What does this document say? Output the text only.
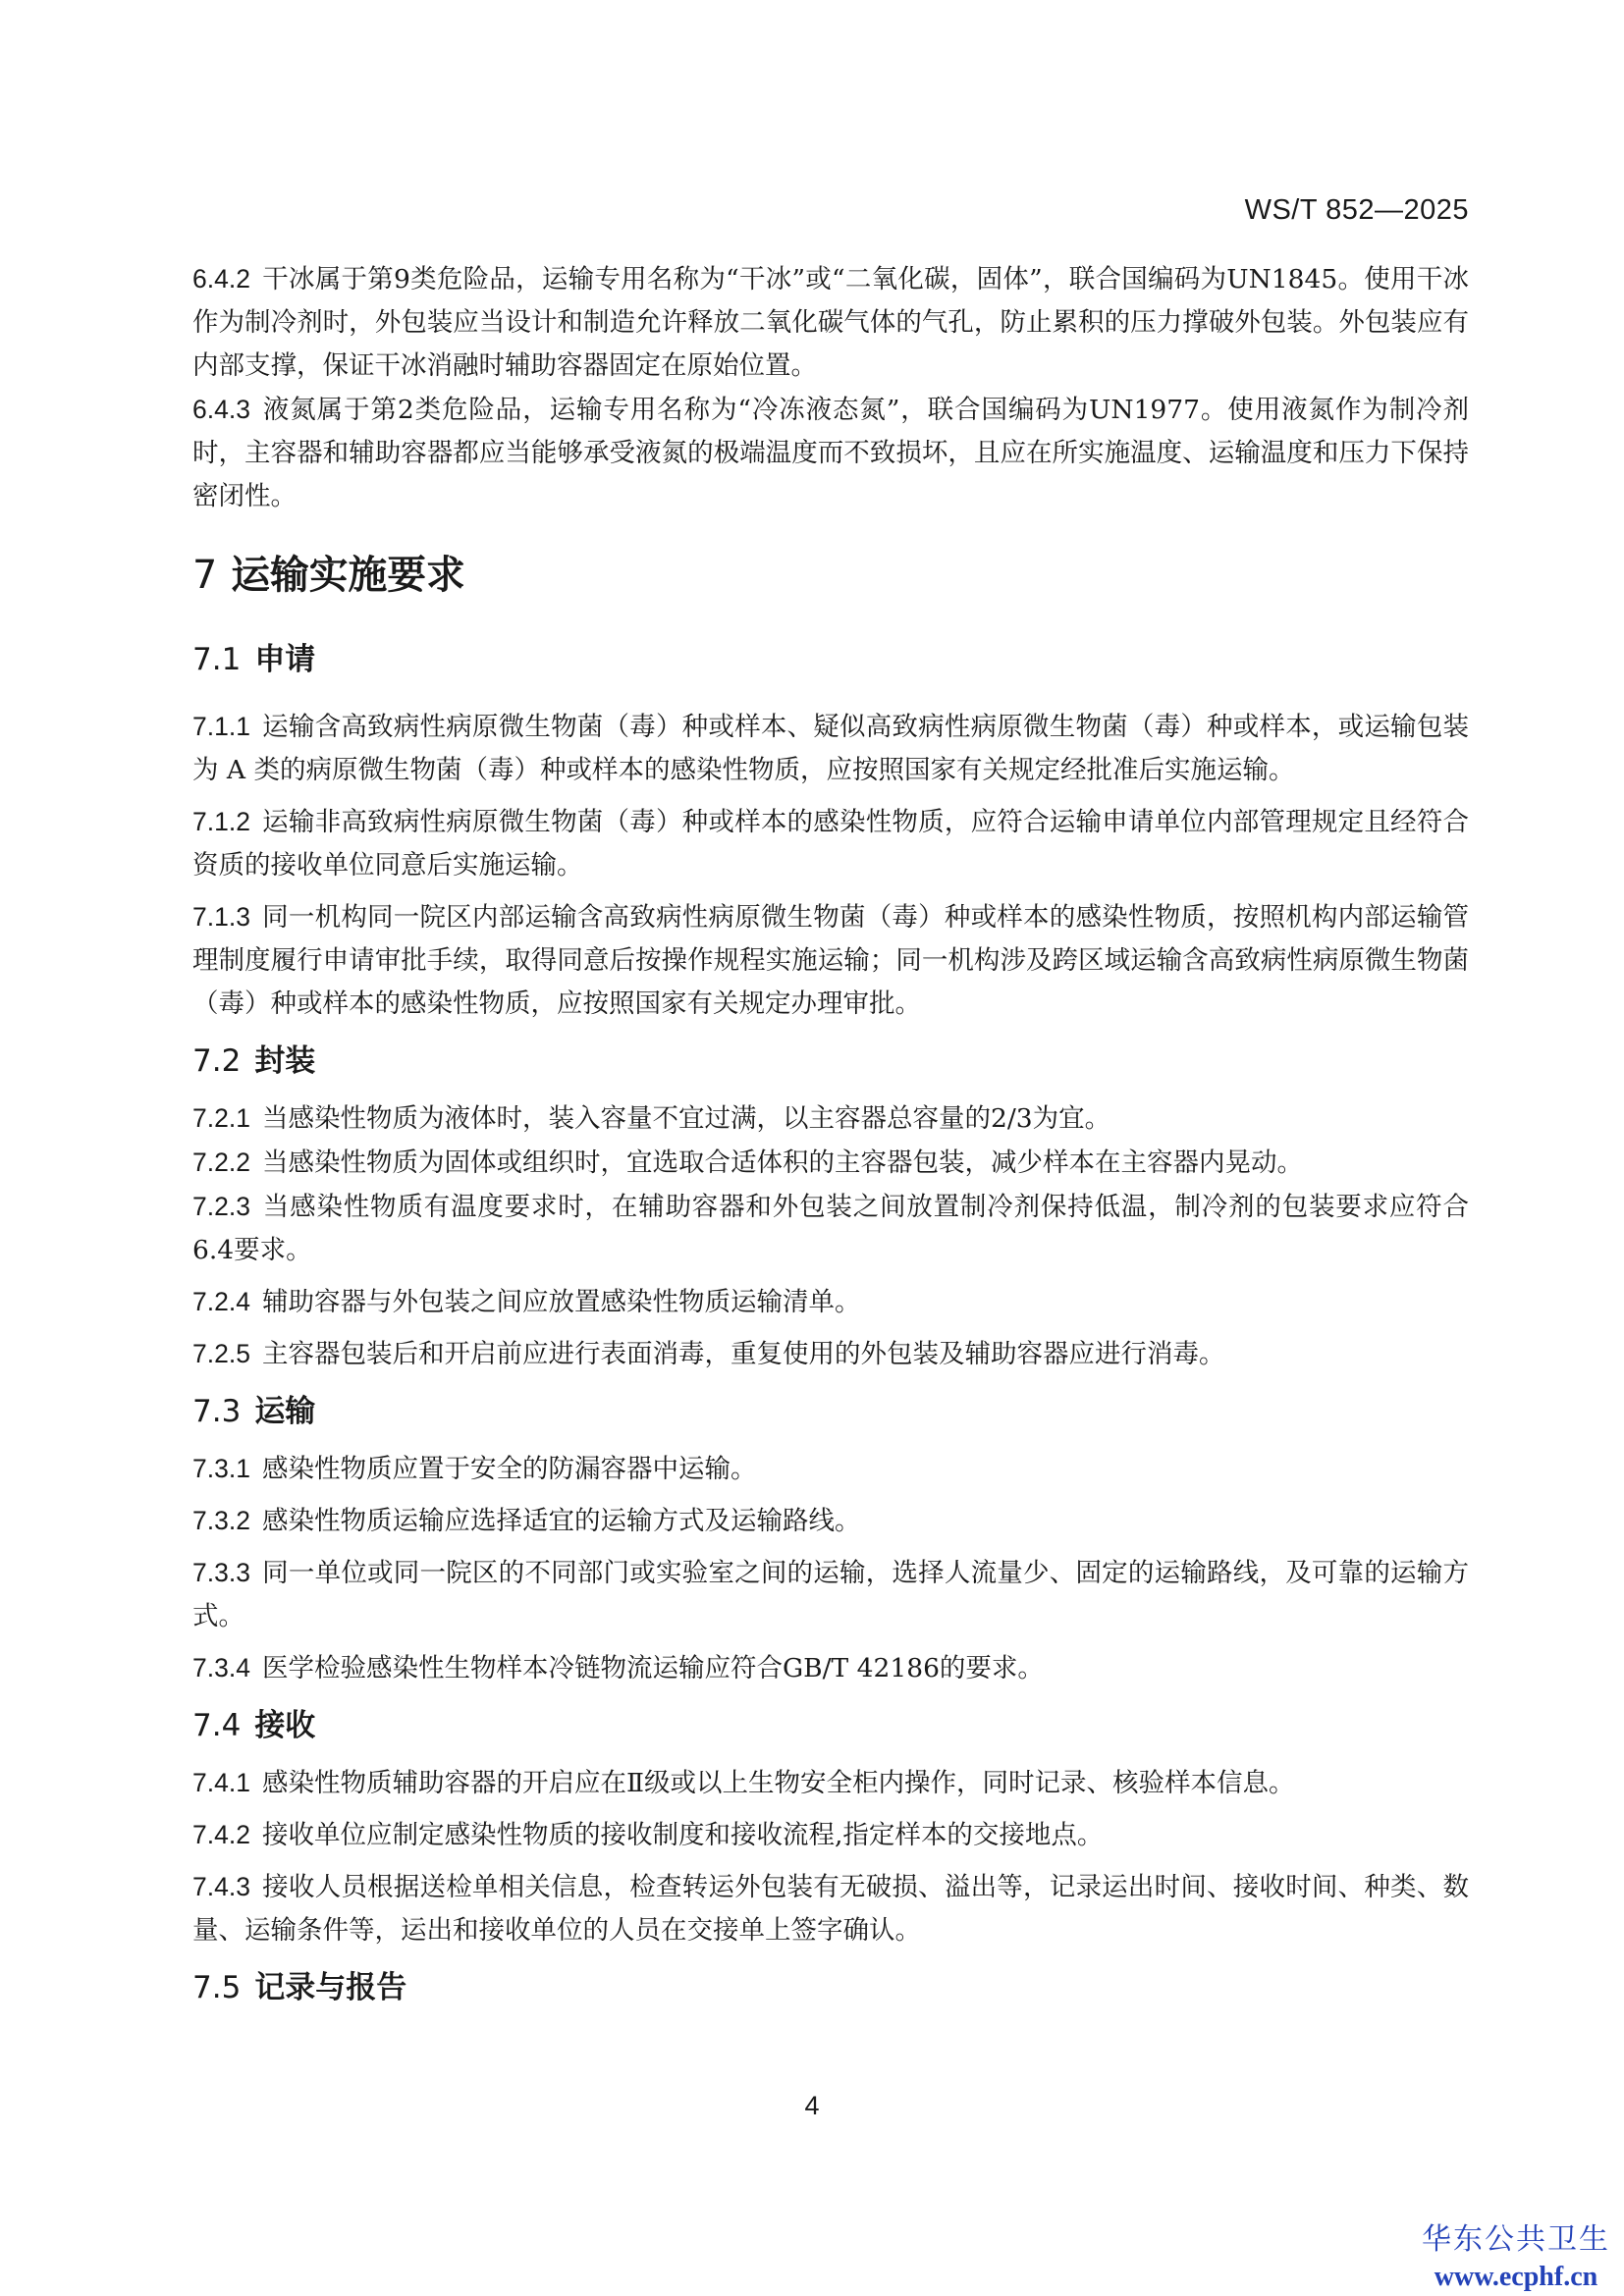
WS/T 852—2025

6.4.2 干冰属于第9类危险品，运输专用名称为“干冰”或“二氧化碳，固体”，联合国编码为UN1845。使用干冰作为制冷剂时，外包装应当设计和制造允许释放二氧化碳气体的气孔，防止累积的压力撑破外包装。外包装应有内部支撑，保证干冰消融时辅助容器固定在原始位置。

6.4.3 液氮属于第2类危险品，运输专用名称为“冷冻液态氮”，联合国编码为UN1977。使用液氮作为制冷剂时，主容器和辅助容器都应当能够承受液氮的极端温度而不致损坏，且应在所实施温度、运输温度和压力下保持密闭性。

7 运输实施要求
7.1 申请

7.1.1 运输含高致病性病原微生物菌（毒）种或样本、疑似高致病性病原微生物菌（毒）种或样本，或运输包装为 A 类的病原微生物菌（毒）种或样本的感染性物质，应按照国家有关规定经批准后实施运输。

7.1.2 运输非高致病性病原微生物菌（毒）种或样本的感染性物质，应符合运输申请单位内部管理规定且经符合资质的接收单位同意后实施运输。

7.1.3 同一机构同一院区内部运输含高致病性病原微生物菌（毒）种或样本的感染性物质，按照机构内部运输管理制度履行申请审批手续，取得同意后按操作规程实施运输；同一机构涉及跨区域运输含高致病性病原微生物菌（毒）种或样本的感染性物质，应按照国家有关规定办理审批。

7.2 封装

7.2.1 当感染性物质为液体时，装入容量不宜过满，以主容器总容量的2/3为宜。

7.2.2 当感染性物质为固体或组织时，宜选取合适体积的主容器包装，减少样本在主容器内晃动。

7.2.3 当感染性物质有温度要求时，在辅助容器和外包装之间放置制冷剂保持低温，制冷剂的包装要求应符合6.4要求。

7.2.4 辅助容器与外包装之间应放置感染性物质运输清单。

7.2.5 主容器包装后和开启前应进行表面消毒，重复使用的外包装及辅助容器应进行消毒。

7.3 运输

7.3.1 感染性物质应置于安全的防漏容器中运输。

7.3.2 感染性物质运输应选择适宜的运输方式及运输路线。

7.3.3 同一单位或同一院区的不同部门或实验室之间的运输，选择人流量少、固定的运输路线，及可靠的运输方式。

7.3.4 医学检验感染性生物样本冷链物流运输应符合GB/T 42186的要求。

7.4 接收

7.4.1 感染性物质辅助容器的开启应在Ⅱ级或以上生物安全柜内操作，同时记录、核验样本信息。

7.4.2 接收单位应制定感染性物质的接收制度和接收流程,指定样本的交接地点。

7.4.3 接收人员根据送检单相关信息，检查转运外包装有无破损、溢出等，记录运出时间、接收时间、种类、数量、运输条件等，运出和接收单位的人员在交接单上签字确认。

7.5 记录与报告
4
华东公共卫生
www.ecphf.cn
